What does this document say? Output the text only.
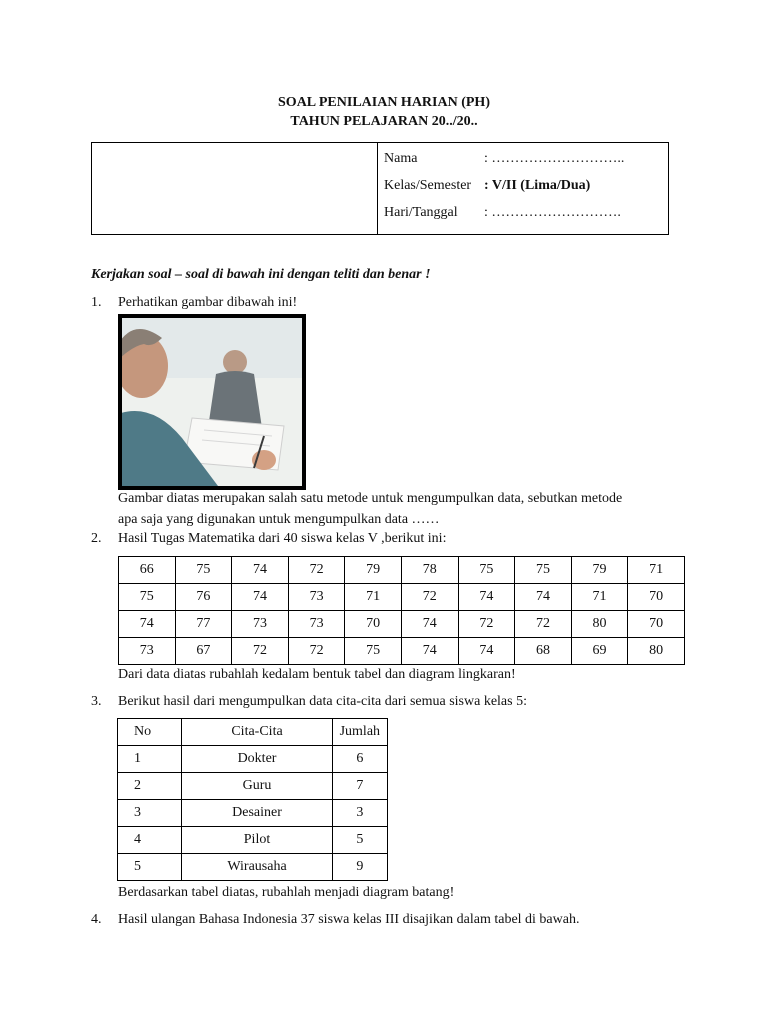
SOAL PENILAIAN HARIAN (PH)
TAHUN PELAJARAN 20../20..
Nama	: ………………………..
Kelas/Semester : V/II (Lima/Dua)
Hari/Tanggal : ……………………….
Kerjakan soal – soal di bawah ini dengan teliti dan benar !
1. Perhatikan gambar dibawah ini!
Gambar diatas merupakan salah satu metode untuk mengumpulkan data, sebutkan metode
apa saja yang digunakan untuk mengumpulkan data ……
2. Hasil Tugas Matematika dari 40 siswa kelas V ,berikut ini:
66	75	74	72	79	78	75	75	79	71
75	76	74	73	71	72	74	74	71	70
74	77	73	73	70	74	72	72	80	70
73	67	72	72	75	74	74	68	69	80
Dari data diatas rubahlah kedalam bentuk tabel dan diagram lingkaran!
3. Berikut hasil dari mengumpulkan data cita-cita dari semua siswa kelas 5:
No	Cita-Cita	Jumlah
1	Dokter	6
2	Guru	7
3	Desainer	3
4	Pilot	5
5	Wirausaha	9
Berdasarkan tabel diatas, rubahlah menjadi diagram batang!
4. Hasil ulangan Bahasa Indonesia 37 siswa kelas III disajikan dalam tabel di bawah.
